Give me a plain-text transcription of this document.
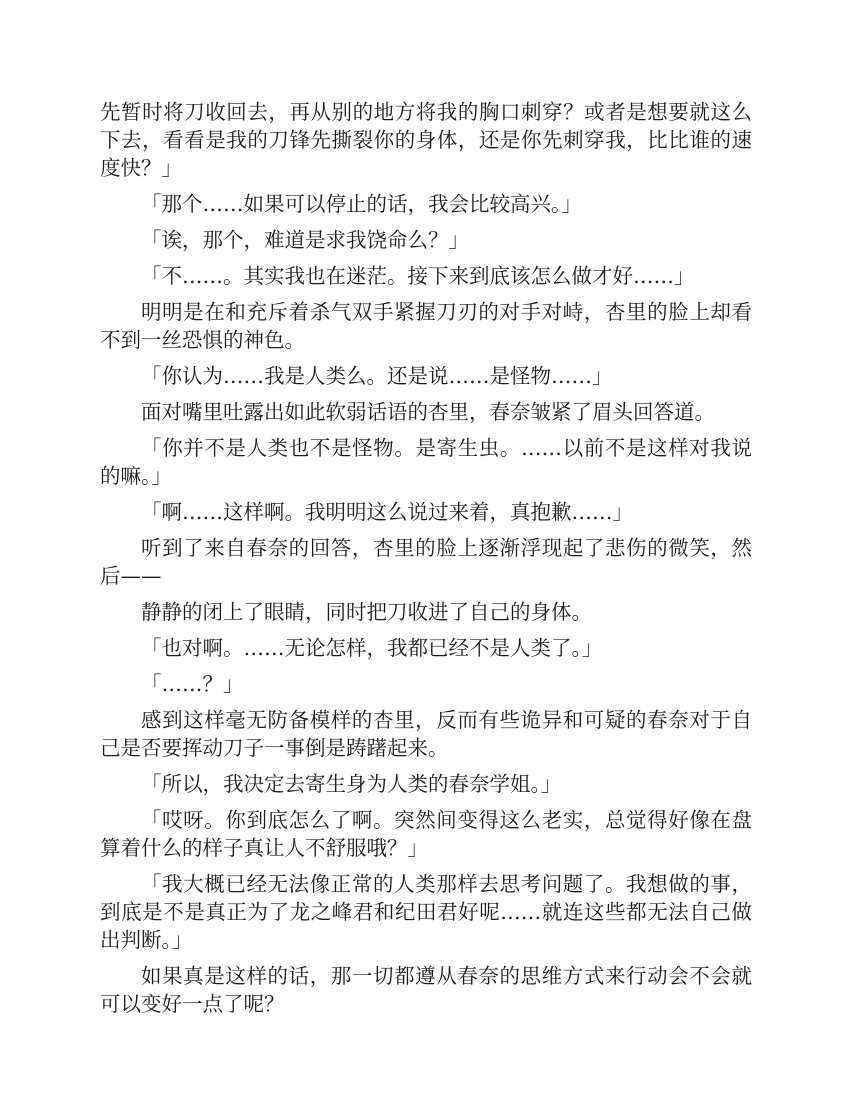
先暂时将刀收回去，再从别的地方将我的胸口刺穿？或者是想要就这么下去，看看是我的刀锋先撕裂你的身体，还是你先刺穿我，比比谁的速度快？」

「那个……如果可以停止的话，我会比较高兴。」

「诶，那个，难道是求我饶命么？」

「不……。其实我也在迷茫。接下来到底该怎么做才好……」

明明是在和充斥着杀气双手紧握刀刃的对手对峙，杏里的脸上却看不到一丝恐惧的神色。

「你认为……我是人类么。还是说……是怪物……」

面对嘴里吐露出如此软弱话语的杏里，春奈皱紧了眉头回答道。

「你并不是人类也不是怪物。是寄生虫。……以前不是这样对我说的嘛。」

「啊……这样啊。我明明这么说过来着，真抱歉……」

听到了来自春奈的回答，杏里的脸上逐渐浮现起了悲伤的微笑，然后——

静静的闭上了眼睛，同时把刀收进了自己的身体。

「也对啊。……无论怎样，我都已经不是人类了。」

「……？」

感到这样毫无防备模样的杏里，反而有些诡异和可疑的春奈对于自己是否要挥动刀子一事倒是踌躇起来。

「所以，我决定去寄生身为人类的春奈学姐。」

「哎呀。你到底怎么了啊。突然间变得这么老实，总觉得好像在盘算着什么的样子真让人不舒服哦？」

「我大概已经无法像正常的人类那样去思考问题了。我想做的事，到底是不是真正为了龙之峰君和纪田君好呢……就连这些都无法自己做出判断。」

如果真是这样的话，那一切都遵从春奈的思维方式来行动会不会就可以变好一点了呢？
